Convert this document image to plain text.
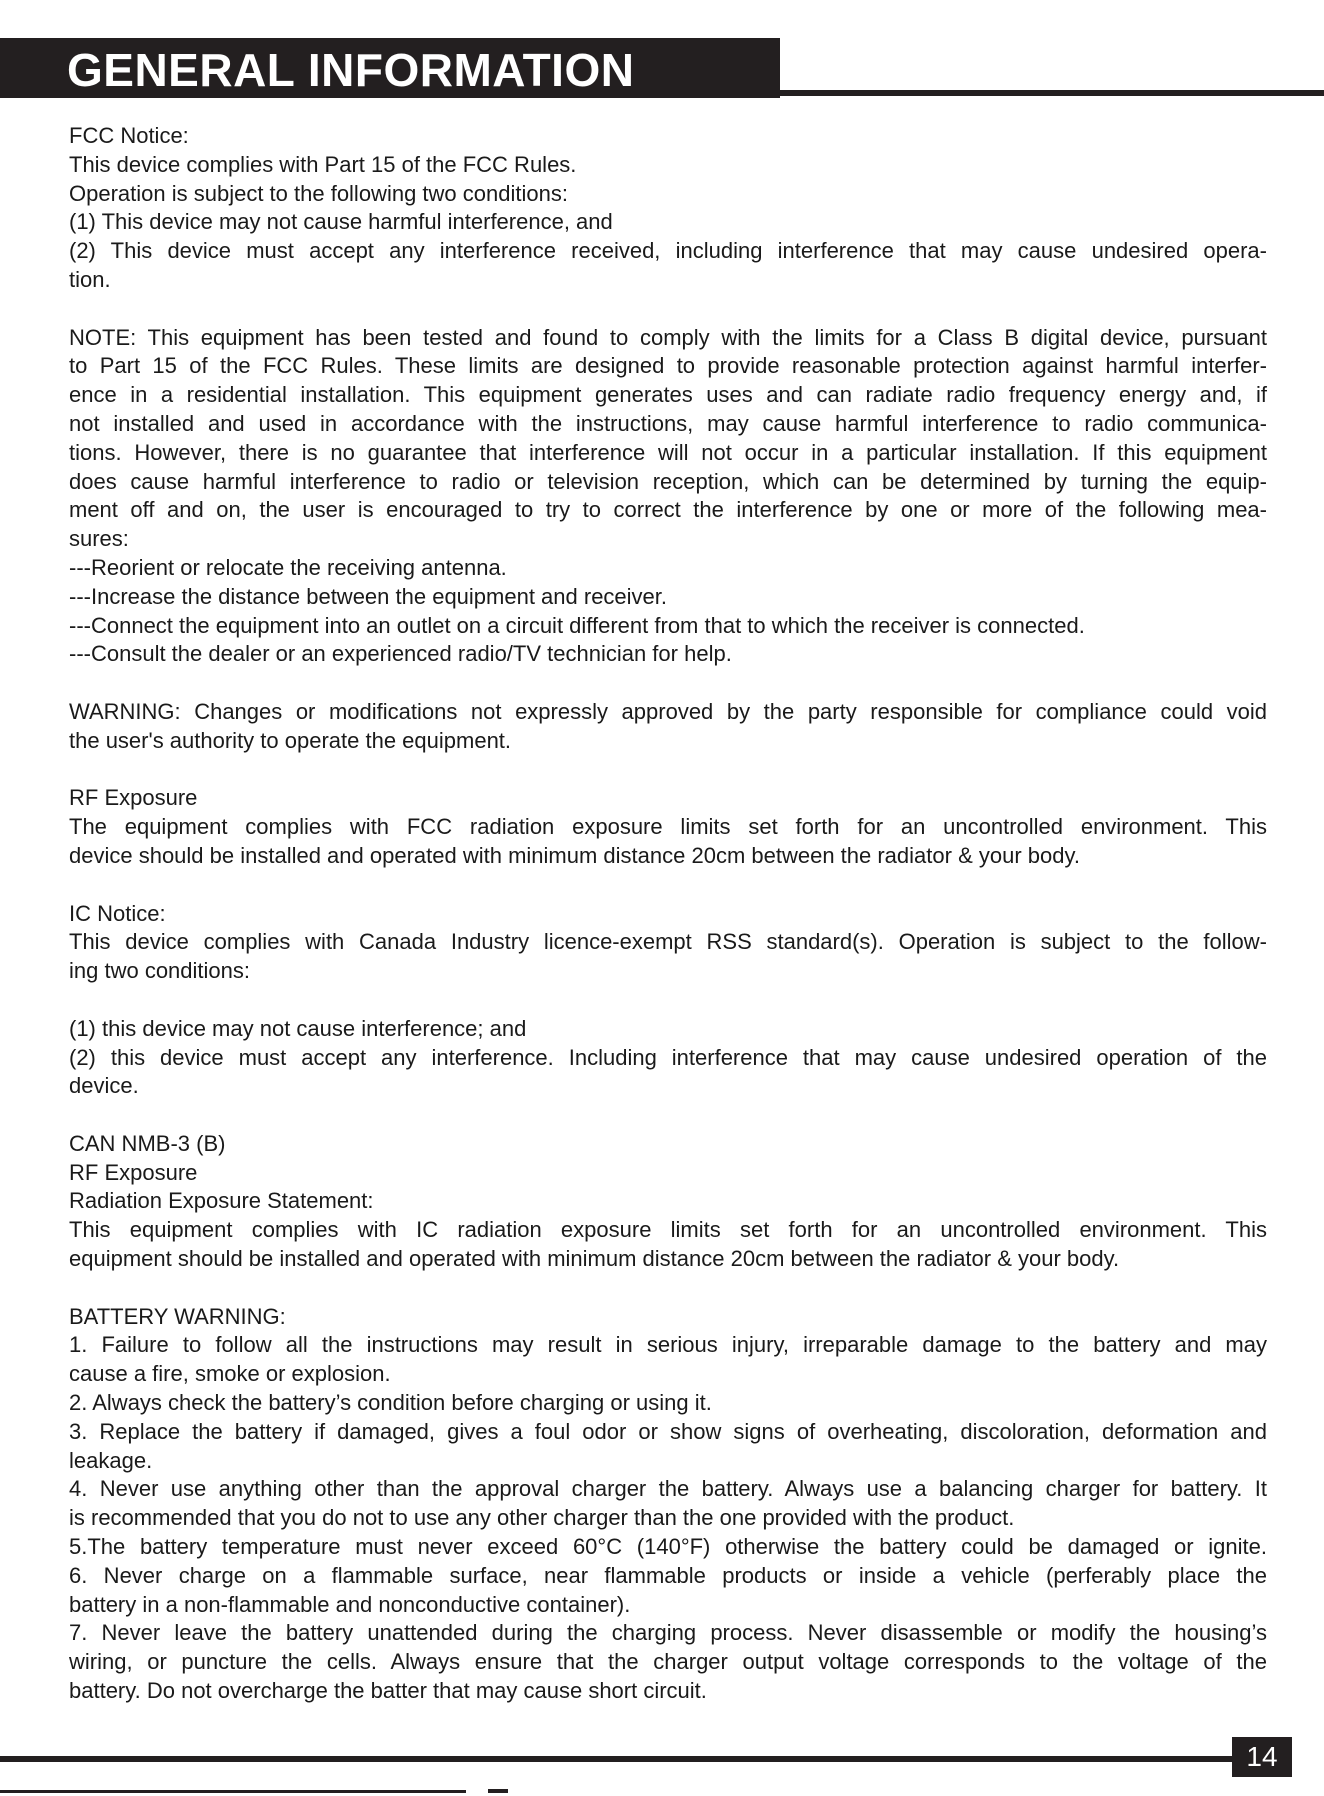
GENERAL INFORMATION
FCC Notice:
This device complies with Part 15 of the FCC Rules.
Operation is subject to the following two conditions:
(1) This device may not cause harmful interference, and
(2) This device must accept any interference received, including interference that may cause undesired opera-
tion.
NOTE: This equipment has been tested and found to comply with the limits for a Class B digital device, pursuant
to Part 15 of the FCC Rules. These limits are designed to provide reasonable protection against harmful interfer-
ence in a residential installation. This equipment generates uses and can radiate radio frequency energy and, if
not installed and used in accordance with the instructions, may cause harmful interference to radio communica-
tions. However, there is no guarantee that interference will not occur in a particular installation. If this equipment
does cause harmful interference to radio or television reception, which can be determined by turning the equip-
ment off and on, the user is encouraged to try to correct the interference by one or more of the following mea-
sures:
---Reorient or relocate the receiving antenna.
---Increase the distance between the equipment and receiver.
---Connect the equipment into an outlet on a circuit different from that to which the receiver is connected.
---Consult the dealer or an experienced radio/TV technician for help.
WARNING: Changes or modifications not expressly approved by the party responsible for compliance could void
the user's authority to operate the equipment.
RF Exposure
The equipment complies with FCC radiation exposure limits set forth for an uncontrolled environment. This
device should be installed and operated with minimum distance 20cm between the radiator & your body.
IC Notice:
This device complies with Canada Industry licence-exempt RSS standard(s). Operation is subject to the follow-
ing two conditions:
(1) this device may not cause interference; and
(2) this device must accept any interference. Including interference that may cause undesired operation of the
device.
CAN NMB-3 (B)
RF Exposure
Radiation Exposure Statement:
This equipment complies with IC radiation exposure limits set forth for an uncontrolled environment. This
equipment should be installed and operated with minimum distance 20cm between the radiator & your body.
BATTERY WARNING:
1. Failure to follow all the instructions may result in serious injury, irreparable damage to the battery and may
cause a fire, smoke or explosion.
2. Always check the battery’s condition before charging or using it.
3. Replace the battery if damaged, gives a foul odor or show signs of overheating, discoloration, deformation and
leakage.
4. Never use anything other than the approval charger the battery. Always use a balancing charger for battery. It
is recommended that you do not to use any other charger than the one provided with the product.
5.The battery temperature must never exceed 60°C (140°F) otherwise the battery could be damaged or ignite.
6. Never charge on a flammable surface, near flammable products or inside a vehicle (perferably place the
battery in a non-flammable and nonconductive container).
7. Never leave the battery unattended during the charging process. Never disassemble or modify the housing’s
wiring, or puncture the cells. Always ensure that the charger output voltage corresponds to the voltage of the
battery. Do not overcharge the batter that may cause short circuit.
14
